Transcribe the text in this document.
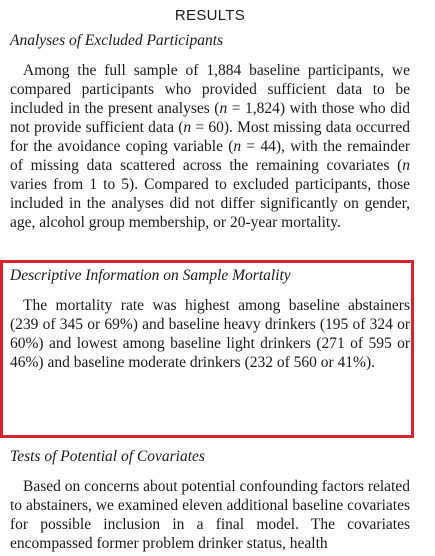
RESULTS
Analyses of Excluded Participants

Among the full sample of 1,884 baseline participants, we compared participants who provided sufficient data to be included in the present analyses (n = 1,824) with those who did not provide sufficient data (n = 60). Most missing data occurred for the avoidance coping variable (n = 44), with the remainder of missing data scattered across the remaining covariates (n varies from 1 to 5). Compared to excluded participants, those included in the analyses did not differ significantly on gender, age, alcohol group membership, or 20-year mortality.

Descriptive Information on Sample Mortality

The mortality rate was highest among baseline abstainers (239 of 345 or 69%) and baseline heavy drinkers (195 of 324 or 60%) and lowest among baseline light drinkers (271 of 595 or 46%) and baseline moderate drinkers (232 of 560 or 41%).

Tests of Potential of Covariates

Based on concerns about potential confounding factors related to abstainers, we examined eleven additional baseline covariates for possible inclusion in a final model. The covariates encompassed former problem drinker status, health
